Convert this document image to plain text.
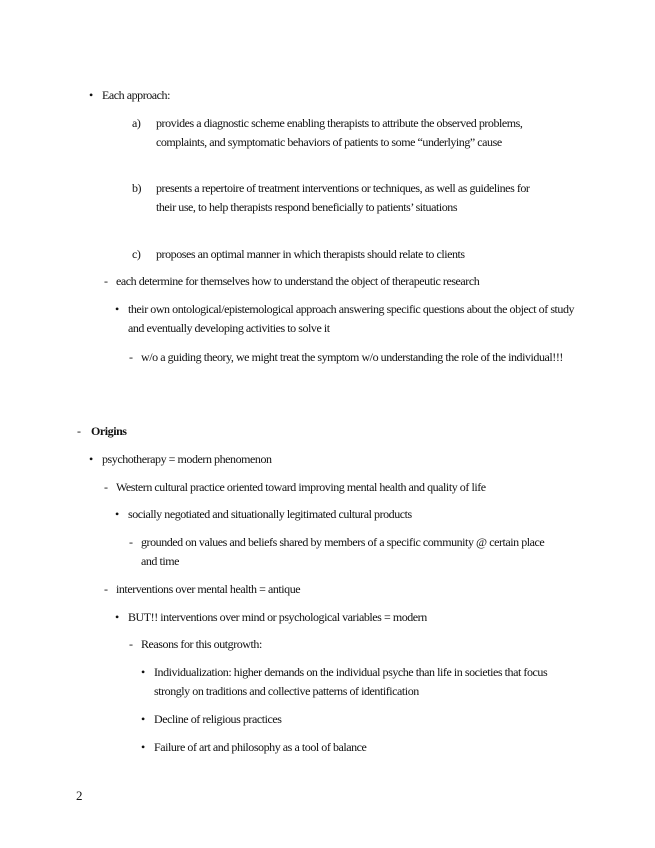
• Each approach:
a) provides a diagnostic scheme enabling therapists to attribute the observed problems, complaints, and symptomatic behaviors of patients to some “underlying” cause
b) presents a repertoire of treatment interventions or techniques, as well as guidelines for their use, to help therapists respond beneficially to patients’ situations
c) proposes an optimal manner in which therapists should relate to clients
- each determine for themselves how to understand the object of therapeutic research
• their own ontological/epistemological approach answering specific questions about the object of study and eventually developing activities to solve it
- w/o a guiding theory, we might treat the symptom w/o understanding the role of the individual!!!
- Origins
• psychotherapy = modern phenomenon
- Western cultural practice oriented toward improving mental health and quality of life
• socially negotiated and situationally legitimated cultural products
- grounded on values and beliefs shared by members of a specific community @ certain place and time
- interventions over mental health = antique
• BUT!! interventions over mind or psychological variables = modern
- Reasons for this outgrowth:
• Individualization: higher demands on the individual psyche than life in societies that focus strongly on traditions and collective patterns of identification
• Decline of religious practices
• Failure of art and philosophy as a tool of balance
2
